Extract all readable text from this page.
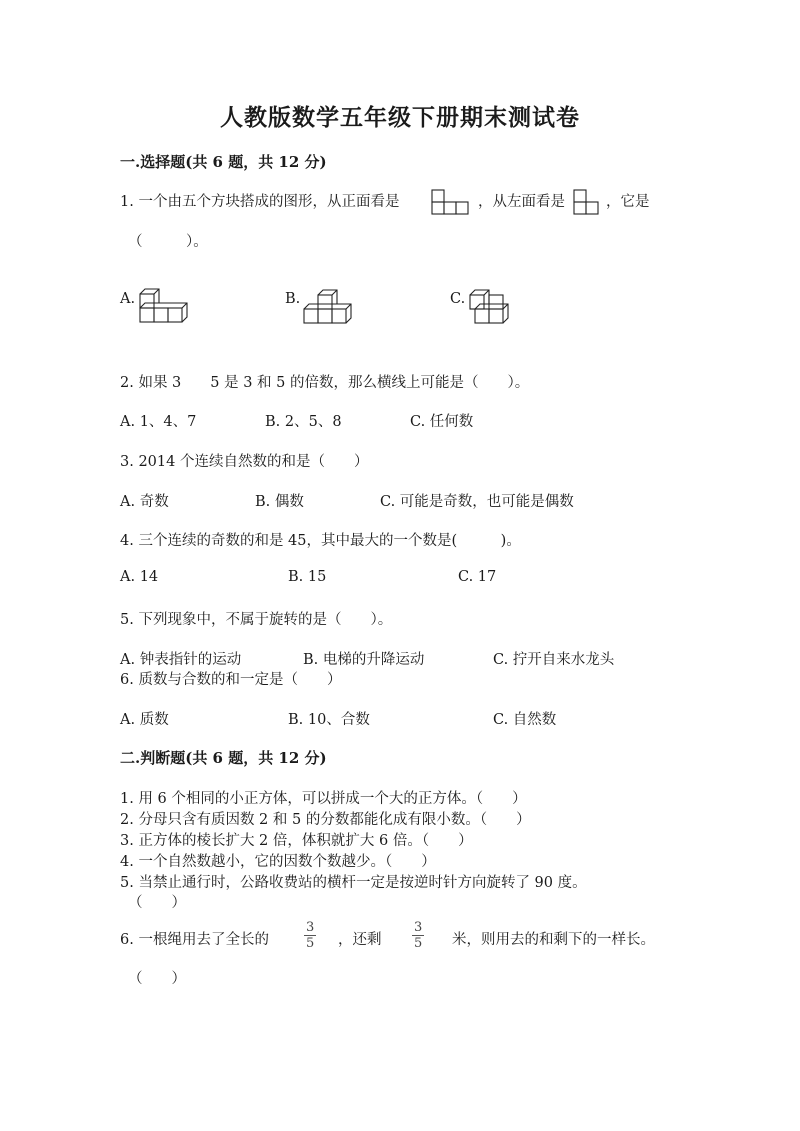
人教版数学五年级下册期末测试卷
一.选择题(共 6 题，共 12 分)
1. 一个由五个方块搭成的图形，从正面看是	，从左面看是	，它是
（　　　）。
A.	B.	C.
2. 如果 3　　5 是 3 和 5 的倍数，那么横线上可能是（　　）。
A. 1、4、7	B. 2、5、8	C. 任何数
3. 2014 个连续自然数的和是（　　）
A. 奇数	B. 偶数	C. 可能是奇数，也可能是偶数
4. 三个连续的奇数的和是 45，其中最大的一个数是(　　　)。
A. 14	B. 15	C. 17
5. 下列现象中，不属于旋转的是（　　）。
A. 钟表指针的运动	B. 电梯的升降运动	C. 拧开自来水龙头
6. 质数与合数的和一定是（　　）
A. 质数	B. 10、合数	C. 自然数
二.判断题(共 6 题，共 12 分)
1. 用 6 个相同的小正方体，可以拼成一个大的正方体。（　　）
2. 分母只含有质因数 2 和 5 的分数都能化成有限小数。（　　）
3. 正方体的棱长扩大 2 倍，体积就扩大 6 倍。（　　）
4. 一个自然数越小，它的因数个数越少。（　　）
5. 当禁止通行时，公路收费站的横杆一定是按逆时针方向旋转了 90 度。
（　　）
6. 一根绳用去了全长的	$\frac{3}{5}$ ，还剩 $\frac{3}{5}$ 米，则用去的和剩下的一样长。
（　　）
